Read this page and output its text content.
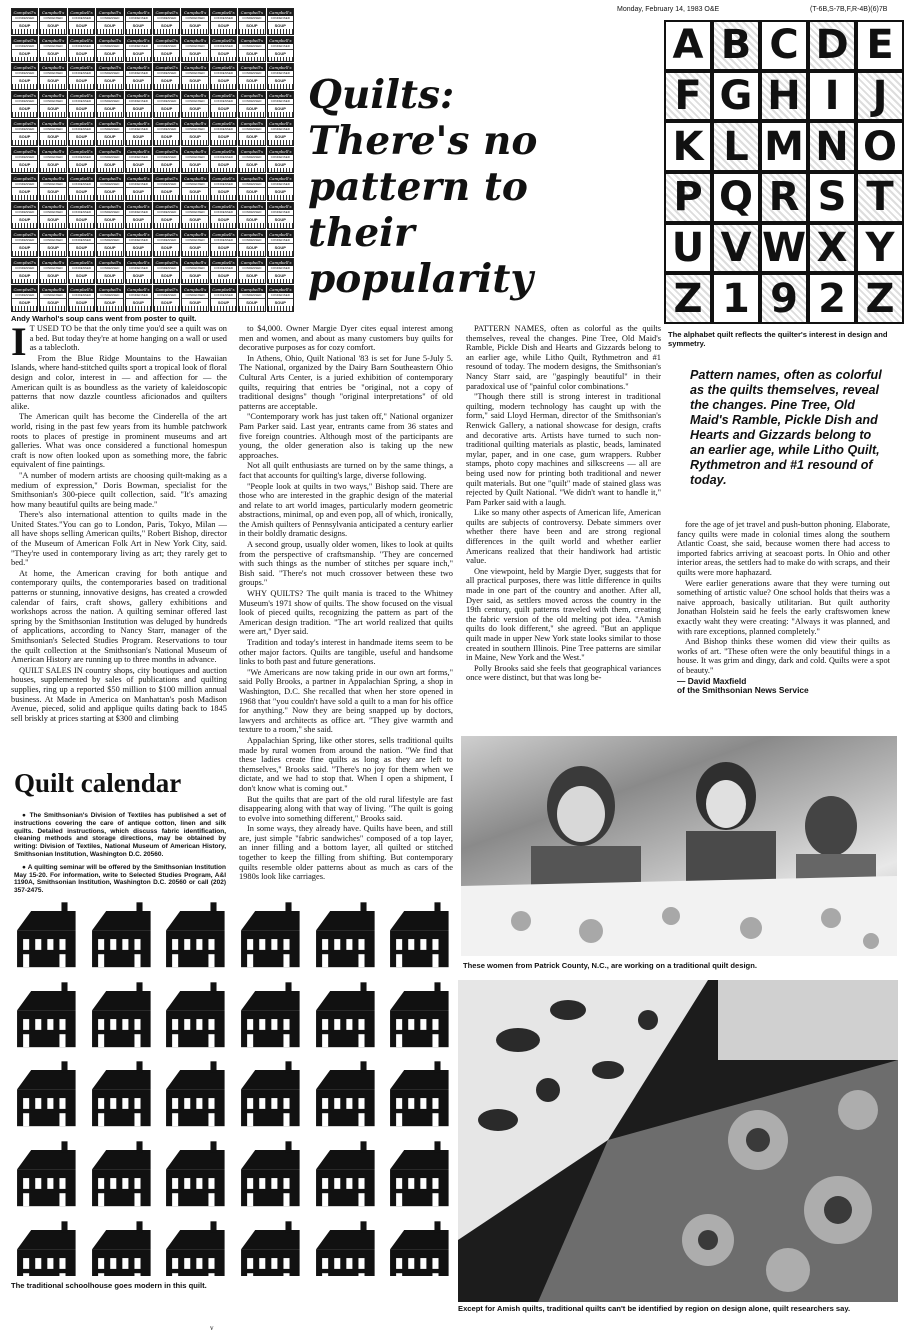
Monday, February 14, 1983 O&E	(T-6B,S-7B,F,R-4B)(6)7B
Campbell's
CONDENSED
SOUP
Campbell's
CONDENSED
SOUP
Campbell's
CONDENSED
SOUP
Campbell's
CONDENSED
SOUP
Campbell's
CONDENSED
SOUP
Campbell's
CONDENSED
SOUP
Campbell's
CONDENSED
SOUP
Campbell's
CONDENSED
SOUP
Campbell's
CONDENSED
SOUP
Campbell's
CONDENSED
SOUP
Campbell's
CONDENSED
SOUP
Campbell's
CONDENSED
SOUP
Campbell's
CONDENSED
SOUP
Campbell's
CONDENSED
SOUP
Campbell's
CONDENSED
SOUP
Campbell's
CONDENSED
SOUP
Campbell's
CONDENSED
SOUP
Campbell's
CONDENSED
SOUP
Campbell's
CONDENSED
SOUP
Campbell's
CONDENSED
SOUP
Campbell's
CONDENSED
SOUP
Campbell's
CONDENSED
SOUP
Campbell's
CONDENSED
SOUP
Campbell's
CONDENSED
SOUP
Campbell's
CONDENSED
SOUP
Campbell's
CONDENSED
SOUP
Campbell's
CONDENSED
SOUP
Campbell's
CONDENSED
SOUP
Campbell's
CONDENSED
SOUP
Campbell's
CONDENSED
SOUP
Campbell's
CONDENSED
SOUP
Campbell's
CONDENSED
SOUP
Campbell's
CONDENSED
SOUP
Campbell's
CONDENSED
SOUP
Campbell's
CONDENSED
SOUP
Campbell's
CONDENSED
SOUP
Campbell's
CONDENSED
SOUP
Campbell's
CONDENSED
SOUP
Campbell's
CONDENSED
SOUP
Campbell's
CONDENSED
SOUP
Campbell's
CONDENSED
SOUP
Campbell's
CONDENSED
SOUP
Campbell's
CONDENSED
SOUP
Campbell's
CONDENSED
SOUP
Campbell's
CONDENSED
SOUP
Campbell's
CONDENSED
SOUP
Campbell's
CONDENSED
SOUP
Campbell's
CONDENSED
SOUP
Campbell's
CONDENSED
SOUP
Campbell's
CONDENSED
SOUP
Campbell's
CONDENSED
SOUP
Campbell's
CONDENSED
SOUP
Campbell's
CONDENSED
SOUP
Campbell's
CONDENSED
SOUP
Campbell's
CONDENSED
SOUP
Campbell's
CONDENSED
SOUP
Campbell's
CONDENSED
SOUP
Campbell's
CONDENSED
SOUP
Campbell's
CONDENSED
SOUP
Campbell's
CONDENSED
SOUP
Campbell's
CONDENSED
SOUP
Campbell's
CONDENSED
SOUP
Campbell's
CONDENSED
SOUP
Campbell's
CONDENSED
SOUP
Campbell's
CONDENSED
SOUP
Campbell's
CONDENSED
SOUP
Campbell's
CONDENSED
SOUP
Campbell's
CONDENSED
SOUP
Campbell's
CONDENSED
SOUP
Campbell's
CONDENSED
SOUP
Campbell's
CONDENSED
SOUP
Campbell's
CONDENSED
SOUP
Campbell's
CONDENSED
SOUP
Campbell's
CONDENSED
SOUP
Campbell's
CONDENSED
SOUP
Campbell's
CONDENSED
SOUP
Campbell's
CONDENSED
SOUP
Campbell's
CONDENSED
SOUP
Campbell's
CONDENSED
SOUP
Campbell's
CONDENSED
SOUP
Campbell's
CONDENSED
SOUP
Campbell's
CONDENSED
SOUP
Campbell's
CONDENSED
SOUP
Campbell's
CONDENSED
SOUP
Campbell's
CONDENSED
SOUP
Campbell's
CONDENSED
SOUP
Campbell's
CONDENSED
SOUP
Campbell's
CONDENSED
SOUP
Campbell's
CONDENSED
SOUP
Campbell's
CONDENSED
SOUP
Campbell's
CONDENSED
SOUP
Campbell's
CONDENSED
SOUP
Campbell's
CONDENSED
SOUP
Campbell's
CONDENSED
SOUP
Campbell's
CONDENSED
SOUP
Campbell's
CONDENSED
SOUP
Campbell's
CONDENSED
SOUP
Campbell's
CONDENSED
SOUP
Campbell's
CONDENSED
SOUP
Campbell's
CONDENSED
SOUP
Campbell's
CONDENSED
SOUP
Campbell's
CONDENSED
SOUP
Campbell's
CONDENSED
SOUP
Campbell's
CONDENSED
SOUP
Campbell's
CONDENSED
SOUP
Campbell's
CONDENSED
SOUP
Campbell's
CONDENSED
SOUP
Campbell's
CONDENSED
SOUP
Campbell's
CONDENSED
SOUP
Campbell's
CONDENSED
SOUP
Andy Warhol's soup cans went from poster to quilt.
Quilts: There's no pattern to their popularity
A B C D E
F G H I J
K L M N O
P Q R S T
U V W X Y
Z 1 9 2 Z
The alphabet quilt reflects the quilter's interest in design and symmetry.
Pattern names, often as colorful as the quilts themselves, reveal the changes. Pine Tree, Old Maid's Ramble, Pickle Dish and Hearts and Gizzards belong to an earlier age, while Litho Quilt, Rythmetron and #1 resound of today.
I T USED TO be that the only time you'd see a quilt was on a bed. But today they're at home hanging on a wall or used as a tablecloth.

From the Blue Ridge Mountains to the Hawaiian Islands, where hand-stitched quilts sport a tropical look of floral design and color, interest in — and affection for — the American quilt is as boundless as the variety of kaleidoscopic patterns that now dazzle countless aficionados and quilters alike.

The American quilt has become the Cinderella of the art world, rising in the past few years from its humble patchwork roots to places of prestige in prominent museums and art galleries. What was once considered a functional homespun craft is now often looked upon as something more, the fabric equivalent of fine paintings.

"A number of modern artists are choosing quilt-making as a medium of expression," Doris Bowman, specialist for the Smithsonian's 300-piece quilt collection, said. "It's amazing how many beautiful quilts are being made."

There's also international attention to quilts made in the United States."You can go to London, Paris, Tokyo, Milan — all have shops selling American quilts," Robert Bishop, director of the Museum of American Folk Art in New York City, said. "They're used in contemporary living as art; they rarely get to bed."

At home, the American craving for both antique and contemporary quilts, the contemporaries based on traditional patterns or stunning, innovative designs, has created a crowded calendar of fairs, craft shows, gallery exhibitions and workshops across the nation. A quilting seminar offered last spring by the Smithsonian Institution was deluged by hundreds of applications, according to Nancy Starr, manager of the Smithsonian's Selected Studies Program. Reservations to tour the quilt collection at the Smithsonian's National Museum of American History are running up to three months in advance.

QUILT SALES IN country shops, city boutiques and auction houses, supplemented by sales of publications and quilting supplies, ring up a reported $50 million to $100 million annual business. At Made in America on Manhattan's posh Madison Avenue, pieced, solid and applique quilts dating back to 1845 sell briskly at prices starting at $300 and climbing

Quilt calendar

● The Smithsonian's Division of Textiles has published a set of instructions covering the care of antique cotton, linen and silk quilts. Detailed instructions, which discuss fabric identification, cleaning methods and storage directions, may be obtained by writing: Division of Textiles, National Museum of American History, Smithsonian Institution, Washington D.C. 20560.

● A quilting seminar will be offered by the Smithsonian Institution May 15-20. For information, write to Selected Studies Program, A&I 1190A, Smithsonian Institution, Washington D.C. 20560 or call (202) 357-2475.

to $4,000. Owner Margie Dyer cites equal interest among men and women, and about as many customers buy quilts for decorative purposes as for cozy comfort.

In Athens, Ohio, Quilt National '83 is set for June 5-July 5. The National, organized by the Dairy Barn Southeastern Ohio Cultural Arts Center, is a juried exhibition of contemporary quilts, requiring that entries be "original, not a copy of traditional designs" though "original interpretations" of old patterns are acceptable.

"Contemporary work has just taken off," National organizer Pam Parker said. Last year, entrants came from 36 states and five foreign countries. Although most of the participants are young, the older generation also is taking up the new approaches.

Not all quilt enthusiasts are turned on by the same things, a fact that accounts for quilting's large, diverse following.

"People look at quilts in two ways," Bishop said. There are those who are interested in the graphic design of the material and relate to art world images, particularly modern geometric abstractions, minimal, op and even pop, all of which, ironically, the Amish quilters of Pennsylvania anticipated a century earlier in their boldly dramatic designs.

A second group, usually older women, likes to look at quilts from the perspective of craftsmanship. "They are concerned with such things as the number of stitches per square inch," Bish said. "There's not much crossover between these two groups."

WHY QUILTS? The quilt mania is traced to the Whitney Museum's 1971 show of quilts. The show focused on the visual look of pieced quilts, recognizing the pattern as part of the American design tradition. "The art world realized that quilts were art," Dyer said.

Tradition and today's interest in handmade items seem to be other major factors. Quilts are tangible, useful and handsome links to both past and future generations.

"We Americans are now taking pride in our own art forms," said Polly Brooks, a partner in Appalachian Spring, a shop in Washington, D.C. She recalled that when her store opened in 1968 that "you couldn't have sold a quilt to a man for his office for anything." Now they are being snapped up by doctors, lawyers and architects as office art. "They give warmth and texture to a room," she said.

Appalachian Spring, like other stores, sells traditional quilts made by rural women from around the nation. "We find that these ladies create fine quilts as long as they are left to themselves," Brooks said. "There's no joy for them when we dictate, and we had to stop that. When I open a shipment, I don't know what is coming out."

But the quilts that are part of the old rural lifestyle are fast disappearing along with that way of living. "The quilt is going to evolve into something different," Brooks said.

In some ways, they already have. Quilts have been, and still are, just simple "fabric sandwiches" composed of a top layer, an inner filling and a bottom layer, all quilted or stitched together to keep the filling from shifting. But contemporary quilts resemble older patterns about as much as cars of the 1980s look like carriages.

PATTERN NAMES, often as colorful as the quilts themselves, reveal the changes. Pine Tree, Old Maid's Ramble, Pickle Dish and Hearts and Gizzards belong to an earlier age, while Litho Quilt, Rythmetron and #1 resound of today. The modern designs, the Smithsonian's Nancy Starr said, are "gaspingly beautiful" in their paradoxical use of "painful color combinations."

"Though there still is strong interest in traditional quilting, modern technology has caught up with the form," said Lloyd Herman, director of the Smithsonian's Renwick Gallery, a national showcase for design, crafts and decorative arts. Artists have turned to such non-traditional quilting materials as plastic, beads, laminated mylar, paper, and in one case, gum wrappers. Rubber stamps, photo copy machines and silkscreens — all are being used now for printing both traditional and newer quilt materials. But one "quilt" made of stained glass was rejected by Quilt National. "We didn't want to handle it," Pam Parker said with a laugh.

Like so many other aspects of American life, American quilts are subjects of controversy. Debate simmers over whether there have been and are strong regional differences in the quilt world and whether earlier Americans realized that their handiwork had artistic value.

One viewpoint, held by Margie Dyer, suggests that for all practical purposes, there was little difference in quilts made in one part of the country and another. After all, Dyer said, as settlers moved across the country in the 19th century, quilt patterns traveled with them, creating the fabric version of the old melting pot idea. "Amish quilts do look different," she agreed. "But an applique quilt made in upper New York state looks similar to those created in southern Illinois. Pine Tree patterns are similar in Maine, New York and the West."

Polly Brooks said she feels that geographical variances once were distinct, but that was long be-

fore the age of jet travel and push-button phoning. Elaborate, fancy quilts were made in colonial times along the southern Atlantic Coast, she said, because women there had access to imported fabrics arriving at seacoast ports. In Ohio and other interior areas, the settlers had to make do with scraps, and their quilts were more haphazard.

Were earlier generations aware that they were turning out something of artistic value? One school holds that theirs was a naive approach, basically utilitarian. But quilt authority Jonathan Holstein said he feels the early craftswomen knew exactly waht they were creating: "Always it was planned, and with rare exceptions, planned completely."

And Bishop thinks these women did view their quilts as works of art. "These often were the only beautiful things in a house. It was grim and dingy, dark and cold. Quilts were a spot of beauty."

— David Maxfield
of the Smithsonian News Service
These women from Patrick County, N.C., are working on a traditional quilt design.
The traditional schoolhouse goes modern in this quilt.
Except for Amish quilts, traditional quilts can't be identified by region on design alone, quilt researchers say.
v
